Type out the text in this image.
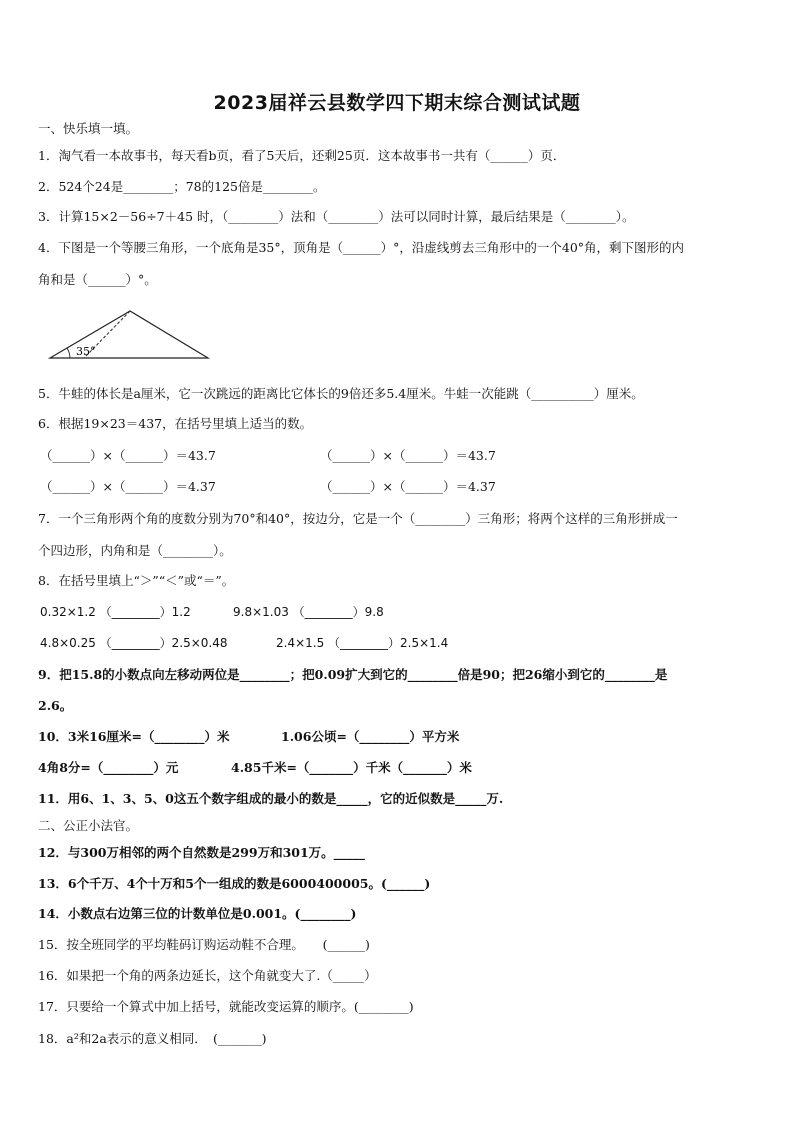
2023届祥云县数学四下期末综合测试试题
一、快乐填一填。
1．淘气看一本故事书，每天看b页，看了5天后，还剩25页．这本故事书一共有（______）页．
2．524个24是________；78的125倍是________。
3．计算15×2－56÷7＋45 时，（________）法和（________）法可以同时计算，最后结果是（________）。
4．下图是一个等腰三角形，一个底角是35°，顶角是（______）°，沿虚线剪去三角形中的一个40°角，剩下图形的内
角和是（______）°。
35°
5．牛蛙的体长是a厘米，它一次跳远的距离比它体长的9倍还多5.4厘米。牛蛙一次能跳（__________）厘米。
6．根据19×23＝437，在括号里填上适当的数。
（______）×（______）＝43.7	（______）×（______）＝43.7
（______）×（______）＝4.37	（______）×（______）＝4.37
7．一个三角形两个角的度数分别为70°和40°，按边分，它是一个（________）三角形；将两个这样的三角形拼成一
个四边形，内角和是（________）。
8．在括号里填上“＞”“＜”或“＝”。
0.32×1.2 （________）1.2	9.8×1.03 （________）9.8
4.8×0.25 （________）2.5×0.48	2.4×1.5 （________）2.5×1.4
9．把15.8的小数点向左移动两位是________；把0.09扩大到它的________倍是90；把26缩小到它的________是
2.6。
10．3米16厘米=（________）米	1.06公顷=（________）平方米
4角8分=（________）元	4.85千米=（_______）千米（_______）米
11．用6、1、3、5、0这五个数字组成的最小的数是_____，它的近似数是_____万.
二、公正小法官。
12．与300万相邻的两个自然数是299万和301万。_____
13．6个千万、4个十万和5个一组成的数是6000400005。(______)
14．小数点右边第三位的计数单位是0.001。(________)
15．按全班同学的平均鞋码订购运动鞋不合理。　　(______)
16．如果把一个角的两条边延长，这个角就变大了.（_____）
17．只要给一个算式中加上括号，就能改变运算的顺序。(________)
18．a²和2a表示的意义相同．　(_______)
